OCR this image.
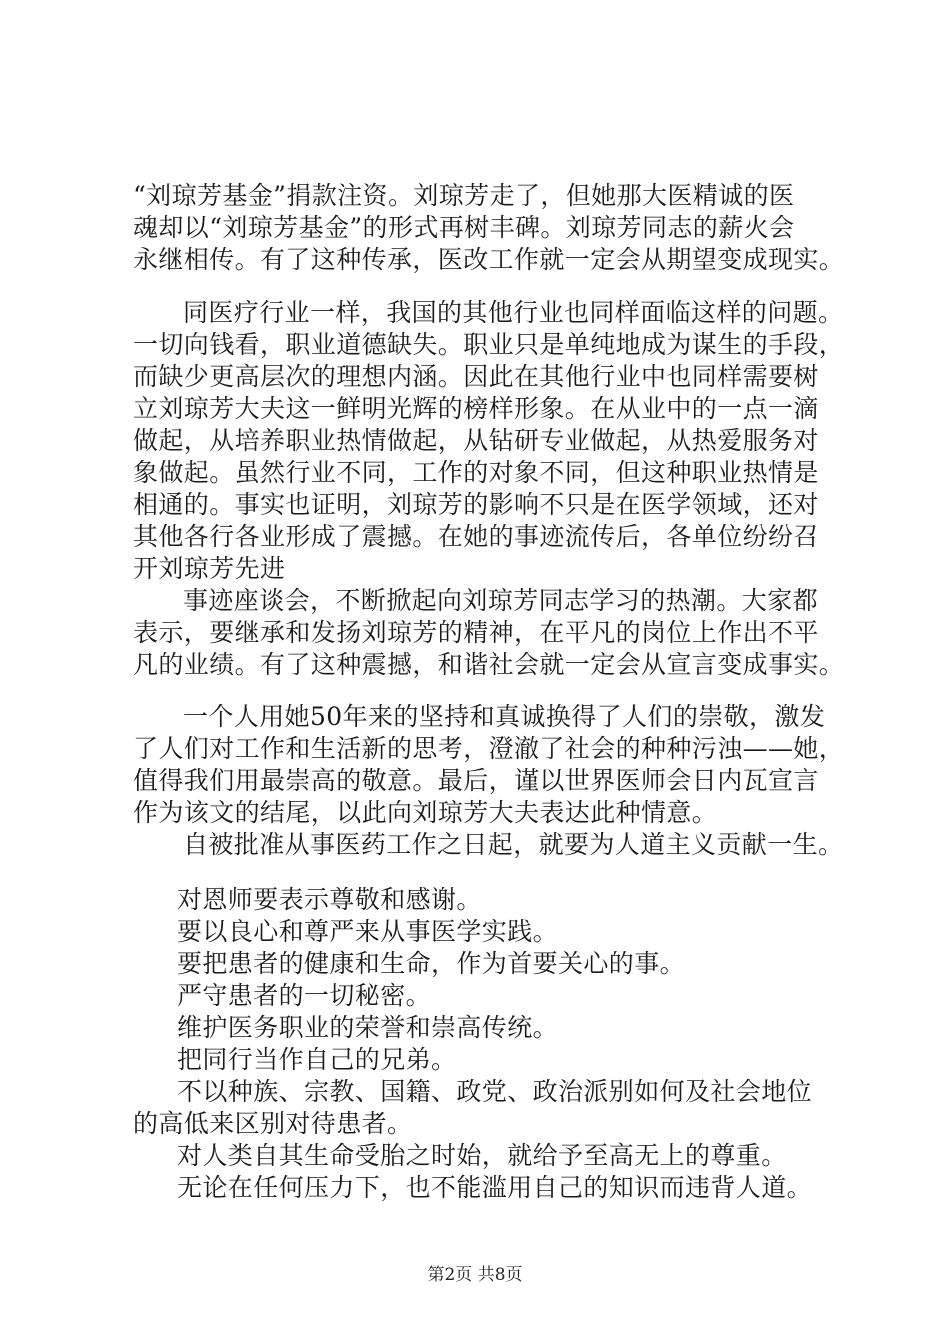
“刘琼芳基金”捐款注资。刘琼芳走了，但她那大医精诚的医
魂却以“刘琼芳基金”的形式再树丰碑。刘琼芳同志的薪火会
永继相传。有了这种传承，医改工作就一定会从期望变成现实。
同医疗行业一样，我国的其他行业也同样面临这样的问题。
一切向钱看，职业道德缺失。职业只是单纯地成为谋生的手段，
而缺少更高层次的理想内涵。因此在其他行业中也同样需要树
立刘琼芳大夫这一鲜明光辉的榜样形象。在从业中的一点一滴
做起，从培养职业热情做起，从钻研专业做起，从热爱服务对
象做起。虽然行业不同，工作的对象不同，但这种职业热情是
相通的。事实也证明，刘琼芳的影响不只是在医学领域，还对
其他各行各业形成了震撼。在她的事迹流传后，各单位纷纷召
开刘琼芳先进
事迹座谈会，不断掀起向刘琼芳同志学习的热潮。大家都
表示，要继承和发扬刘琼芳的精神，在平凡的岗位上作出不平
凡的业绩。有了这种震撼，和谐社会就一定会从宣言变成事实。
一个人用她50年来的坚持和真诚换得了人们的崇敬，激发
了人们对工作和生活新的思考，澄澈了社会的种种污浊——她，
值得我们用最崇高的敬意。最后，谨以世界医师会日内瓦宣言
作为该文的结尾，以此向刘琼芳大夫表达此种情意。
自被批准从事医药工作之日起，就要为人道主义贡献一生。
对恩师要表示尊敬和感谢。
要以良心和尊严来从事医学实践。
要把患者的健康和生命，作为首要关心的事。
严守患者的一切秘密。
维护医务职业的荣誉和崇高传统。
把同行当作自己的兄弟。
不以种族、宗教、国籍、政党、政治派别如何及社会地位
的高低来区别对待患者。
对人类自其生命受胎之时始，就给予至高无上的尊重。
无论在任何压力下，也不能滥用自己的知识而违背人道。
第2页 共8页
